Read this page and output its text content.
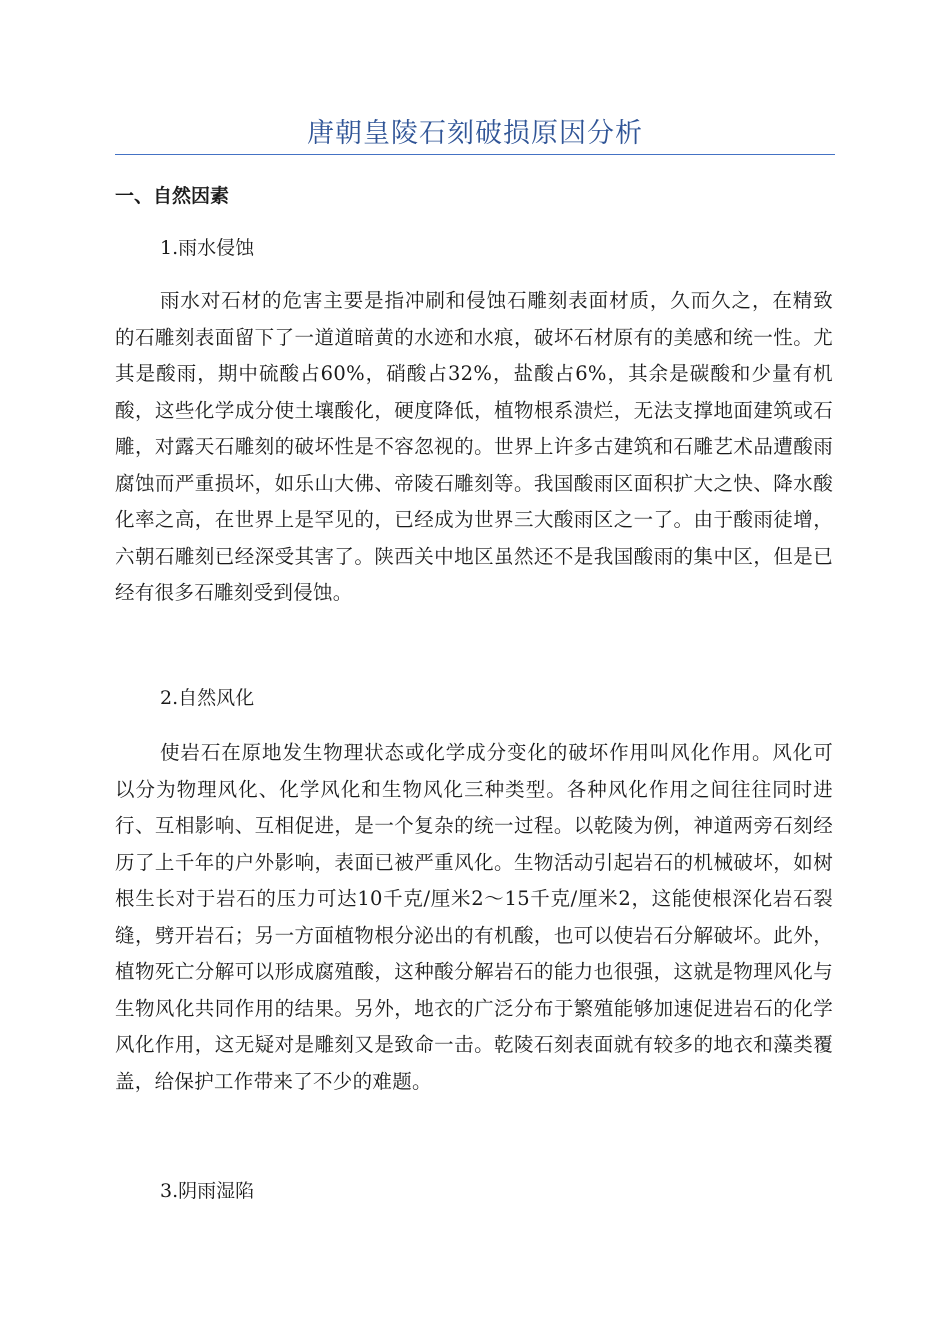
唐朝皇陵石刻破损原因分析
一、自然因素
1.雨水侵蚀
雨水对石材的危害主要是指冲刷和侵蚀石雕刻表面材质，久而久之，在精致的石雕刻表面留下了一道道暗黄的水迹和水痕，破坏石材原有的美感和统一性。尤其是酸雨，期中硫酸占60%，硝酸占32%，盐酸占6%，其余是碳酸和少量有机酸，这些化学成分使土壤酸化，硬度降低，植物根系溃烂，无法支撑地面建筑或石雕，对露天石雕刻的破坏性是不容忽视的。世界上许多古建筑和石雕艺术品遭酸雨腐蚀而严重损坏，如乐山大佛、帝陵石雕刻等。我国酸雨区面积扩大之快、降水酸化率之高，在世界上是罕见的，已经成为世界三大酸雨区之一了。由于酸雨徒增，六朝石雕刻已经深受其害了。陕西关中地区虽然还不是我国酸雨的集中区，但是已经有很多石雕刻受到侵蚀。
2.自然风化
使岩石在原地发生物理状态或化学成分变化的破坏作用叫风化作用。风化可以分为物理风化、化学风化和生物风化三种类型。各种风化作用之间往往同时进行、互相影响、互相促进，是一个复杂的统一过程。以乾陵为例，神道两旁石刻经历了上千年的户外影响，表面已被严重风化。生物活动引起岩石的机械破坏，如树根生长对于岩石的压力可达10千克/厘米2～15千克/厘米2，这能使根深化岩石裂缝，劈开岩石；另一方面植物根分泌出的有机酸，也可以使岩石分解破坏。此外，植物死亡分解可以形成腐殖酸，这种酸分解岩石的能力也很强，这就是物理风化与生物风化共同作用的结果。另外，地衣的广泛分布于繁殖能够加速促进岩石的化学风化作用，这无疑对是雕刻又是致命一击。乾陵石刻表面就有较多的地衣和藻类覆盖，给保护工作带来了不少的难题。
3.阴雨湿陷
